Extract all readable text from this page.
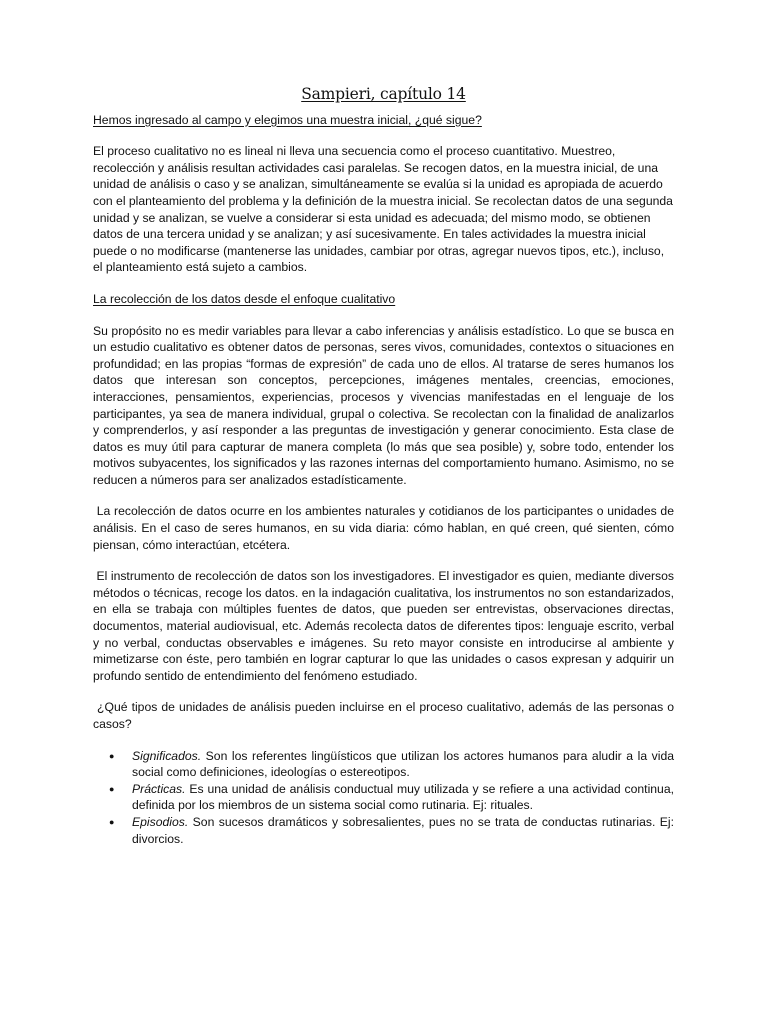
Sampieri, capítulo 14
Hemos ingresado al campo y elegimos una muestra inicial, ¿qué sigue?

El proceso cualitativo no es lineal ni lleva una secuencia como el proceso cuantitativo. Muestreo, recolección y análisis resultan actividades casi paralelas. Se recogen datos, en la muestra inicial, de una unidad de análisis o caso y se analizan, simultáneamente se evalúa si la unidad es apropiada de acuerdo con el planteamiento del problema y la definición de la muestra inicial. Se recolectan datos de una segunda unidad y se analizan, se vuelve a considerar si esta unidad es adecuada; del mismo modo, se obtienen datos de una tercera unidad y se analizan; y así sucesivamente. En tales actividades la muestra inicial puede o no modificarse (mantenerse las unidades, cambiar por otras, agregar nuevos tipos, etc.), incluso, el planteamiento está sujeto a cambios.

La recolección de los datos desde el enfoque cualitativo

Su propósito no es medir variables para llevar a cabo inferencias y análisis estadístico. Lo que se busca en un estudio cualitativo es obtener datos de personas, seres vivos, comunidades, contextos o situaciones en profundidad; en las propias “formas de expresión” de cada uno de ellos. Al tratarse de seres humanos los datos que interesan son conceptos, percepciones, imágenes mentales, creencias, emociones, interacciones, pensamientos, experiencias, procesos y vivencias manifestadas en el lenguaje de los participantes, ya sea de manera individual, grupal o colectiva. Se recolectan con la finalidad de analizarlos y comprenderlos, y así responder a las preguntas de investigación y generar conocimiento. Esta clase de datos es muy útil para capturar de manera completa (lo más que sea posible) y, sobre todo, entender los motivos subyacentes, los significados y las razones internas del comportamiento humano. Asimismo, no se reducen a números para ser analizados estadísticamente.

La recolección de datos ocurre en los ambientes naturales y cotidianos de los participantes o unidades de análisis. En el caso de seres humanos, en su vida diaria: cómo hablan, en qué creen, qué sienten, cómo piensan, cómo interactúan, etcétera.

El instrumento de recolección de datos son los investigadores. El investigador es quien, mediante diversos métodos o técnicas, recoge los datos. en la indagación cualitativa, los instrumentos no son estandarizados, en ella se trabaja con múltiples fuentes de datos, que pueden ser entrevistas, observaciones directas, documentos, material audiovisual, etc. Además recolecta datos de diferentes tipos: lenguaje escrito, verbal y no verbal, conductas observables e imágenes. Su reto mayor consiste en introducirse al ambiente y mimetizarse con éste, pero también en lograr capturar lo que las unidades o casos expresan y adquirir un profundo sentido de entendimiento del fenómeno estudiado.

¿Qué tipos de unidades de análisis pueden incluirse en el proceso cualitativo, además de las personas o casos?

● Significados. Son los referentes lingüísticos que utilizan los actores humanos para aludir a la vida social como definiciones, ideologías o estereotipos.
● Prácticas. Es una unidad de análisis conductual muy utilizada y se refiere a una actividad continua, definida por los miembros de un sistema social como rutinaria. Ej: rituales.
● Episodios. Son sucesos dramáticos y sobresalientes, pues no se trata de conductas rutinarias. Ej: divorcios.
